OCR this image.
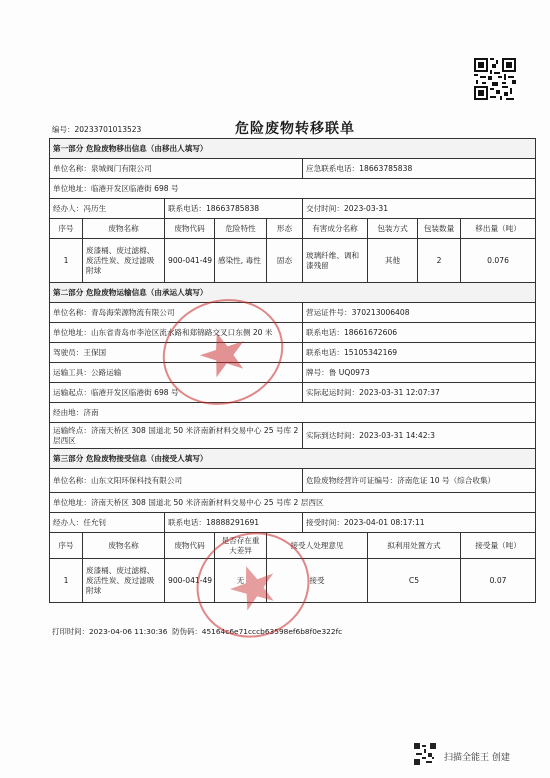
编号：20233701013523	危险废物转移联单
第一部分 危险废物移出信息（由移出人填写）								
单位名称：泉城阀门有限公司					应急联系电话：18663785838			
单位地址：临港开发区临港街 698 号								
经办人：冯历生		联系电话：18663785838			交付时间：2023-03-31			
序号	废物名称	废物代码	危险特性	形态	有害成分名称	包装方式	包装数量	移出量（吨）
1	废漆桶、废过滤棉、废活性炭、废过滤吸附球	900-041-49	感染性, 毒性	固态	玻璃纤维、调和漆残留	其他	2	0.076
第二部分 危险废物运输信息（由承运人填写）								
单位名称：青岛海荣源物流有限公司					营运证件号：370213006408			
单位地址：山东省青岛市李沧区流水路和郑锦路交叉口东侧 20 米					联系电话：18661672606			
驾驶员：王保国					联系电话：15105342169			
运输工具：公路运输					牌号：鲁 UQ0973			
运输起点：临港开发区临港街 698 号					实际起运时间：2023-03-31 12:07:37			
经由地：济南								
运输终点：济南天桥区 308 国道北 50 米济南新材料交易中心 25 号库 2 层西区					实际到达时间：2023-03-31 14:42:3			
第三部分 危险废物接受信息（由接受人填写）								
单位名称：山东文阳环保科技有限公司					危险废物经营许可证编号：济南危证 10 号（综合收集）			
单位地址：济南天桥区 308 国道北 50 米济南新材料交易中心 25 号库 2 层西区								
经办人：任允钊		联系电话：18888291691			接受时间：2023-04-01 08:17:11			
序号	废物名称	废物代码	是否存在重大差异	接受人处理意见		拟利用处置方式		接受量（吨）
1	废漆桶、废过滤棉、废活性炭、废过滤吸附球	900-041-49	无	接受		C5		0.07
打印时间：2023-04-06 11:30:36 防伪码：45164c6e71cccb63598ef6b8f0e322fc
扫描全能王 创建
